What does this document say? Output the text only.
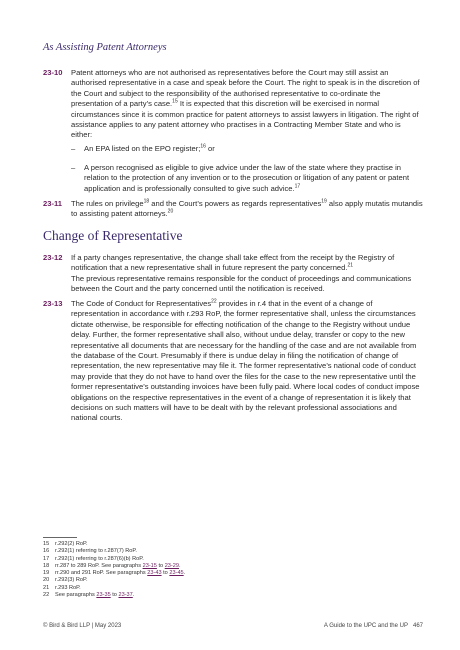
As Assisting Patent Attorneys
23-10 Patent attorneys who are not authorised as representatives before the Court may still assist an authorised representative in a case and speak before the Court. The right to speak is in the discretion of the Court and subject to the responsibility of the authorised representative to co-ordinate the presentation of a party’s case.$^{15}$ It is expected that this discretion will be exercised in normal circumstances since it is common practice for patent attorneys to assist lawyers in litigation. The right of assistance applies to any patent attorney who practises in a Contracting Member State and who is either:
– An EPA listed on the EPO register;$^{16}$ or
– A person recognised as eligible to give advice under the law of the state where they practise in relation to the protection of any invention or to the prosecution or litigation of any patent or patent application and is professionally consulted to give such advice.$^{17}$
23-11 The rules on privilege$^{18}$ and the Court’s powers as regards representatives$^{19}$ also apply mutatis mutandis to assisting patent attorneys.$^{20}$
Change of Representative
23-12 If a party changes representative, the change shall take effect from the receipt by the Registry of notification that a new representative shall in future represent the party concerned.$^{21}$
The previous representative remains responsible for the conduct of proceedings and communications between the Court and the party concerned until the notification is received.
23-13 The Code of Conduct for Representatives$^{22}$ provides in r.4 that in the event of a change of representation in accordance with r.293 RoP, the former representative shall, unless the circumstances dictate otherwise, be responsible for effecting notification of the change to the Registry without undue delay. Further, the former representative shall also, without undue delay, transfer or copy to the new representative all documents that are necessary for the handling of the case and are not available from the database of the Court. Presumably if there is undue delay in filing the notification of change of representation, the new representative may file it. The former representative’s national code of conduct may provide that they do not have to hand over the files for the case to the new representative until the former representative’s outstanding invoices have been fully paid. Where local codes of conduct impose obligations on the respective representatives in the event of a change of representation it is likely that decisions on such matters will have to be dealt with by the relevant professional associations and national courts.
15 r.292(2) RoP.
16 r.292(1) referring to r.287(7) RoP.
17 r.292(1) referring to r.287(6)(b) RoP.
18 rr.287 to 289 RoP. See paragraphs 23-15 to 23-29.
19 rr.290 and 291 RoP. See paragraphs 23-43 to 23-45.
20 r.292(3) RoP.
21 r.293 RoP.
22 See paragraphs 23-35 to 23-37.
© Bird & Bird LLP | May 2023	A Guide to the UPC and the UP 467
